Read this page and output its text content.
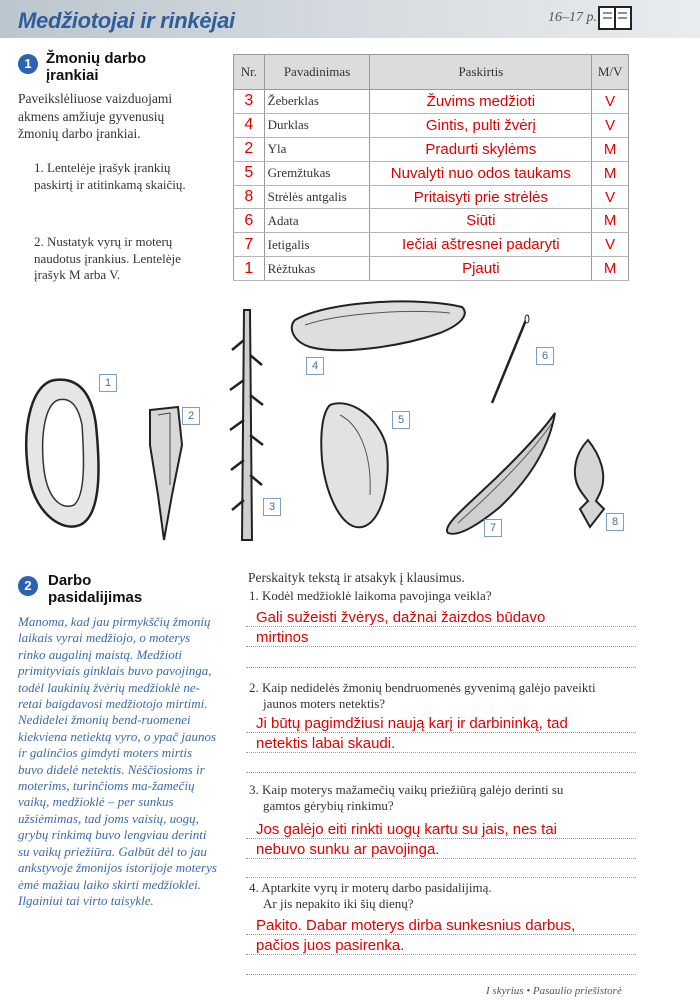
Medžiotojai ir rinkėjai	16–17 p.
1 Žmonių darbo
įrankiai
Paveikslėliuose vaizduojami akmens amžiuje gyvenusių žmonių darbo įrankiai.
1. Lentelėje įrašyk įrankių paskirtį ir atitinkamą skaičių.
2. Nustatyk vyrų ir moterų naudotus įrankius. Lentelėje įrašyk M arba V.
Nr.	Pavadinimas	Paskirtis	M/V

3	Žeberklas	Žuvims medžioti	V

4	Durklas	Gintis, pulti žvėrį	V

2	Yla	Pradurti skylėms	M

5	Gremžtukas	Nuvalyti nuo odos taukams	M

8	Strėlės antgalis	Pritaisyti prie strėlės	V

6	Adata	Siūti	M

7	Ietigalis	Iečiai aštresnei padaryti	V

1	Rėžtukas	Pjauti	M
1
2
3
4
5
6
7	8
2	Darbo
pasidalijimas
Manoma, kad jau pirmykščių žmonių laikais vyrai medžiojo, o moterys rinko augalinį maistą. Medžioti primityviais ginklais buvo pavojinga, todėl laukinių žvėrių medžioklė ne-retai baigdavosi medžiotojo mirtimi. Nedidelei žmonių bend-ruomenei kiekviena netiektą vyro, o ypač jaunos ir galinčios gimdyti moters mirtis buvo didelė netektis. Nėščiosioms ir moterims, turinčioms ma-žamečių vaikų, medžioklė – per sunkus užsiėmimas, tad joms vaisių, uogų, grybų rinkimą buvo lengviau derinti su vaikų priežiūra. Galbūt dėl to jau ankstyvoje žmonijos istorijoje moterys ėmė mažiau laiko skirti medžioklei. Ilgainiui tai virto taisykle.
Perskaityk tekstą ir atsakyk į klausimus.
1. Kodėl medžioklė laikoma pavojinga veikla?
Gali sužeisti žvėrys, dažnai žaizdos būdavo
mirtinos
2. Kaip nedidelės žmonių bendruomenės gyvenimą galėjo paveikti
jaunos moters netektis?
Ji būtų pagimdžiusi naują karį ir darbininką, tad
netektis labai skaudi.
3. Kaip moterys mažamečių vaikų priežiūrą galėjo derinti su
gamtos gėrybių rinkimu?
Jos galėjo eiti rinkti uogų kartu su jais, nes tai
nebuvo sunku ar pavojinga.
4. Aptarkite vyrų ir moterų darbo pasidalijimą.
Ar jis nepakito iki šių dienų?
Pakito. Dabar moterys dirba sunkesnius darbus,
pačios juos pasirenka.
I skyrius • Pasaulio priešistorė
